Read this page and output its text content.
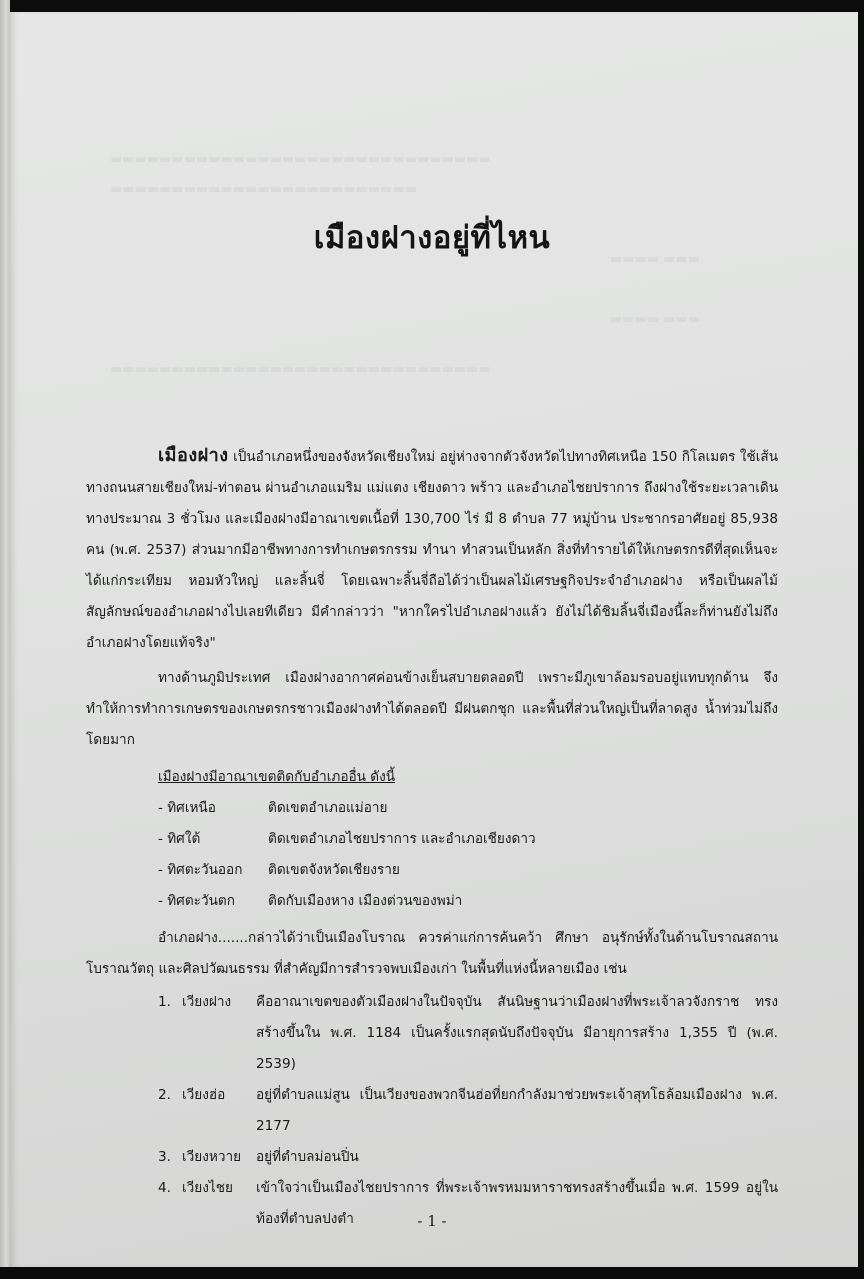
▬▬▬▬▬▬▬▬▬▬▬▬▬▬▬▬▬▬▬▬▬▬▬▬▬▬▬▬▬▬▬
▬▬▬▬▬▬▬▬▬▬▬▬▬▬▬▬▬▬▬▬▬▬▬▬▬
▬▬▬▬ ▬▬▬
▬▬▬▬ ▬▬▬
▬▬▬▬▬▬▬▬▬▬▬▬▬▬▬▬▬▬▬▬▬▬▬▬▬▬▬▬▬▬▬
เมืองฝางอยู่ที่ไหน

เมืองฝาง เป็นอำเภอหนึ่งของจังหวัดเชียงใหม่ อยู่ห่างจากตัวจังหวัดไปทางทิศเหนือ 150 กิโลเมตร ใช้เส้นทางถนนสายเชียงใหม่-ท่าตอน ผ่านอำเภอแมริม แม่แตง เชียงดาว พร้าว และอำเภอไชยปราการ ถึงฝางใช้ระยะเวลาเดินทางประมาณ 3 ชั่วโมง และเมืองฝางมีอาณาเขตเนื้อที่ 130,700 ไร่ มี 8 ตำบล 77 หมู่บ้าน ประชากรอาศัยอยู่ 85,938 คน (พ.ศ. 2537) ส่วนมากมีอาชีพทางการทำเกษตรกรรม ทำนา ทำสวนเป็นหลัก สิ่งที่ทำรายได้ให้เกษตรกรดีที่สุดเห็นจะได้แก่กระเทียม หอมหัวใหญ่ และลิ้นจี่ โดยเฉพาะลิ้นจี่ถือได้ว่าเป็นผลไม้เศรษฐกิจประจำอำเภอฝาง หรือเป็นผลไม้สัญลักษณ์ของอำเภอฝางไปเลยทีเดียว มีคำกล่าวว่า "หากใครไปอำเภอฝางแล้ว ยังไม่ได้ชิมลิ้นจี่เมืองนี้ละก็ท่านยังไม่ถึงอำเภอฝางโดยแท้จริง"

ทางด้านภูมิประเทศ เมืองฝางอากาศค่อนข้างเย็นสบายตลอดปี เพราะมีภูเขาล้อมรอบอยู่แทบทุกด้าน จึงทำให้การทำการเกษตรของเกษตรกรชาวเมืองฝางทำได้ตลอดปี มีฝนตกชุก และพื้นที่ส่วนใหญ่เป็นที่ลาดสูง น้ำท่วมไม่ถึงโดยมาก

เมืองฝางมีอาณาเขตติดกับอำเภออื่น ดังนี้
- ทิศเหนือ	ติดเขตอำเภอแม่อาย
- ทิศใต้	ติดเขตอำเภอไชยปราการ และอำเภอเชียงดาว
- ทิศตะวันออก	ติดเขตจังหวัดเชียงราย
- ทิศตะวันตก	ติดกับเมืองหาง เมืองต่วนของพม่า

อำเภอฝาง.......กล่าวได้ว่าเป็นเมืองโบราณ ควรค่าแก่การค้นคว้า ศึกษา อนุรักษ์ทั้งในด้านโบราณสถาน โบราณวัตถุ และศิลปวัฒนธรรม ที่สำคัญมีการสำรวจพบเมืองเก่า ในพื้นที่แห่งนี้หลายเมือง เช่น

1. เวียงฝาง	คืออาณาเขตของตัวเมืองฝางในปัจจุบัน สันนิษฐานว่าเมืองฝางที่พระเจ้าลวจังกราช ทรงสร้างขึ้นใน พ.ศ. 1184 เป็นครั้งแรกสุดนับถึงปัจจุบัน มีอายุการสร้าง 1,355 ปี (พ.ศ. 2539)
2. เวียงฮ่อ	อยู่ที่ตำบลแม่สูน เป็นเวียงของพวกจีนฮ่อที่ยกกำลังมาช่วยพระเจ้าสุทโธล้อมเมืองฝาง พ.ศ. 2177
3. เวียงหวาย	อยู่ที่ตำบลม่อนปิ่น
4. เวียงไชย	เข้าใจว่าเป็นเมืองไชยปราการ ที่พระเจ้าพรหมมหาราชทรงสร้างขึ้นเมื่อ พ.ศ. 1599 อยู่ในท้องที่ตำบลปงตำ	- 1 -
